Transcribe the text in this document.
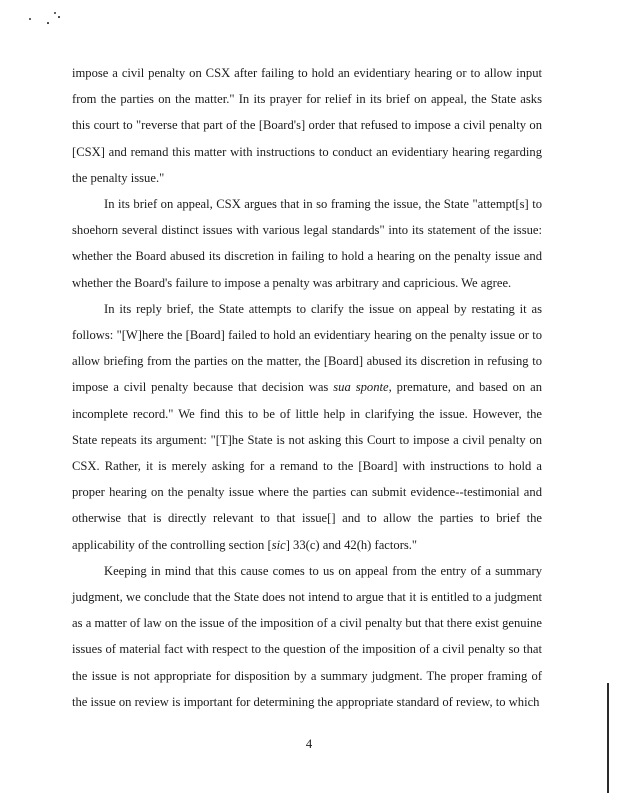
impose a civil penalty on CSX after failing to hold an evidentiary hearing or to allow input from the parties on the matter." In its prayer for relief in its brief on appeal, the State asks this court to "reverse that part of the [Board's] order that refused to impose a civil penalty on [CSX] and remand this matter with instructions to conduct an evidentiary hearing regarding the penalty issue."

In its brief on appeal, CSX argues that in so framing the issue, the State "attempt[s] to shoehorn several distinct issues with various legal standards" into its statement of the issue: whether the Board abused its discretion in failing to hold a hearing on the penalty issue and whether the Board's failure to impose a penalty was arbitrary and capricious. We agree.

In its reply brief, the State attempts to clarify the issue on appeal by restating it as follows: "[W]here the [Board] failed to hold an evidentiary hearing on the penalty issue or to allow briefing from the parties on the matter, the [Board] abused its discretion in refusing to impose a civil penalty because that decision was sua sponte, premature, and based on an incomplete record." We find this to be of little help in clarifying the issue. However, the State repeats its argument: "[T]he State is not asking this Court to impose a civil penalty on CSX. Rather, it is merely asking for a remand to the [Board] with instructions to hold a proper hearing on the penalty issue where the parties can submit evidence--testimonial and otherwise that is directly relevant to that issue[] and to allow the parties to brief the applicability of the controlling section [sic] 33(c) and 42(h) factors."

Keeping in mind that this cause comes to us on appeal from the entry of a summary judgment, we conclude that the State does not intend to argue that it is entitled to a judgment as a matter of law on the issue of the imposition of a civil penalty but that there exist genuine issues of material fact with respect to the question of the imposition of a civil penalty so that the issue is not appropriate for disposition by a summary judgment. The proper framing of the issue on review is important for determining the appropriate standard of review, to which

4
